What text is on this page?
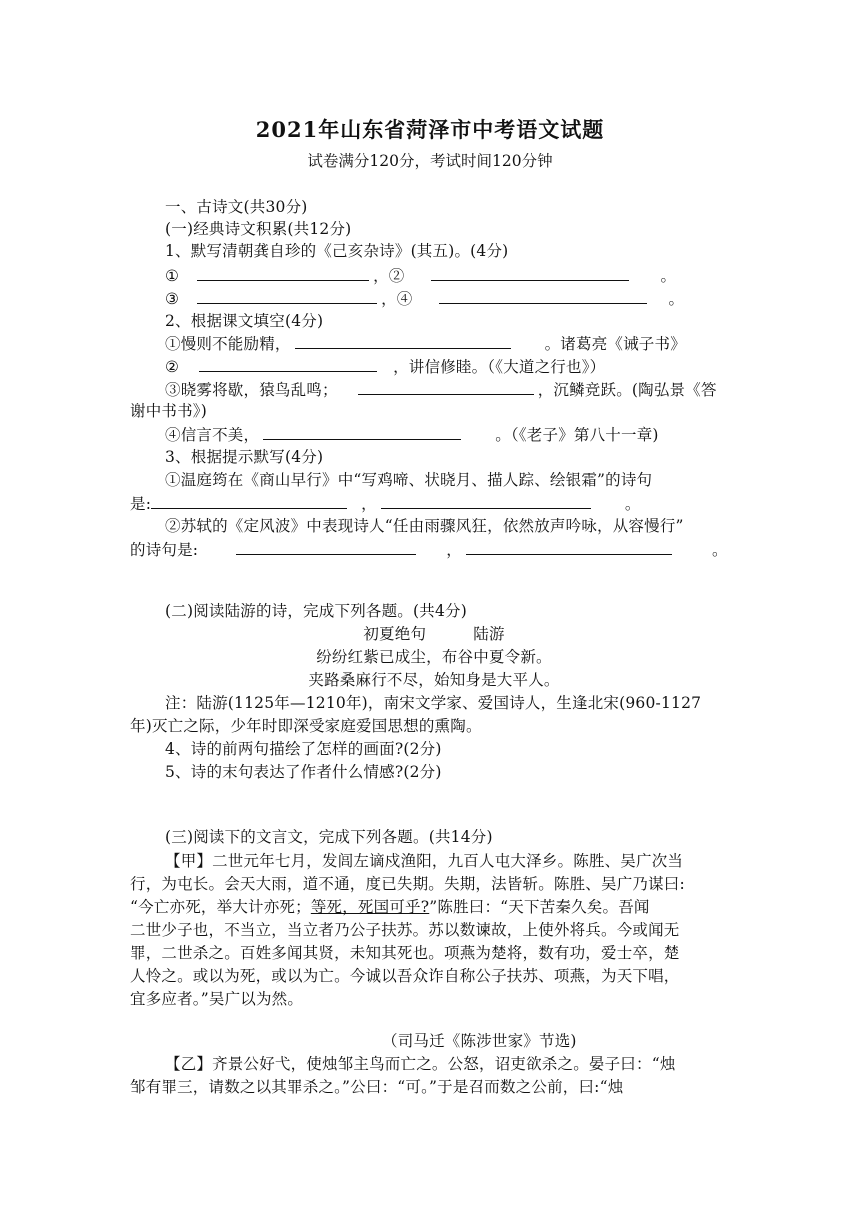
2021年山东省菏泽市中考语文试题
试卷满分120分，考试时间120分钟
一、古诗文(共30分)
(一)经典诗文积累(共12分)
1、默写清朝龚自珍的《己亥杂诗》(其五)。(4分)
①	，②	。
③	，④	。
2、根据课文填空(4分)
①慢则不能励精，	。诸葛亮《诫子书》
②	，讲信修睦。（《大道之行也》）
③晓雾将歇，猿鸟乱鸣；	，沉鳞竞跃。(陶弘景《答
谢中书书》)
④信言不美，	。（《老子》第八十一章)
3、根据提示默写(4分)
①温庭筠在《商山早行》中“写鸡啼、状晓月、描人踪、绘银霜”的诗句
是:	，	。
②苏轼的《定风波》中表现诗人“任由雨骤风狂，依然放声吟咏，从容慢行”
的诗句是:	，	。
(二)阅读陆游的诗，完成下列各题。(共4分)
初夏绝句　　　陆游
纷纷红紫已成尘，布谷中夏令新。
夹路桑麻行不尽，始知身是大平人。
注：陆游(1125年—1210年)，南宋文学家、爱国诗人，生逢北宋(960-1127
年)灭亡之际，少年时即深受家庭爱国思想的熏陶。
4、诗的前两句描绘了怎样的画面?(2分)
5、诗的末句表达了作者什么情感?(2分)
(三)阅读下的文言文，完成下列各题。(共14分)
【甲】二世元年七月，发闾左谪戍渔阳，九百人屯大泽乡。陈胜、吴广次当
行，为屯长。会天大雨，道不通，度已失期。失期，法皆斩。陈胜、吴广乃谋曰:
“今亡亦死，举大计亦死；等死，死国可乎?”陈胜曰：“天下苦秦久矣。吾闻
二世少子也，不当立，当立者乃公子扶苏。苏以数谏故，上使外将兵。今或闻无
罪，二世杀之。百姓多闻其贤，未知其死也。项燕为楚将，数有功，爱士卒，楚
人怜之。或以为死，或以为亡。今诚以吾众诈自称公子扶苏、项燕，为天下唱，
宜多应者。”吴广以为然。
（司马迁《陈涉世家》节选)
【乙】齐景公好弋，使烛邹主鸟而亡之。公怒，诏吏欲杀之。晏子曰：“烛
邹有罪三，请数之以其罪杀之。”公曰：“可。”于是召而数之公前，曰:“烛
